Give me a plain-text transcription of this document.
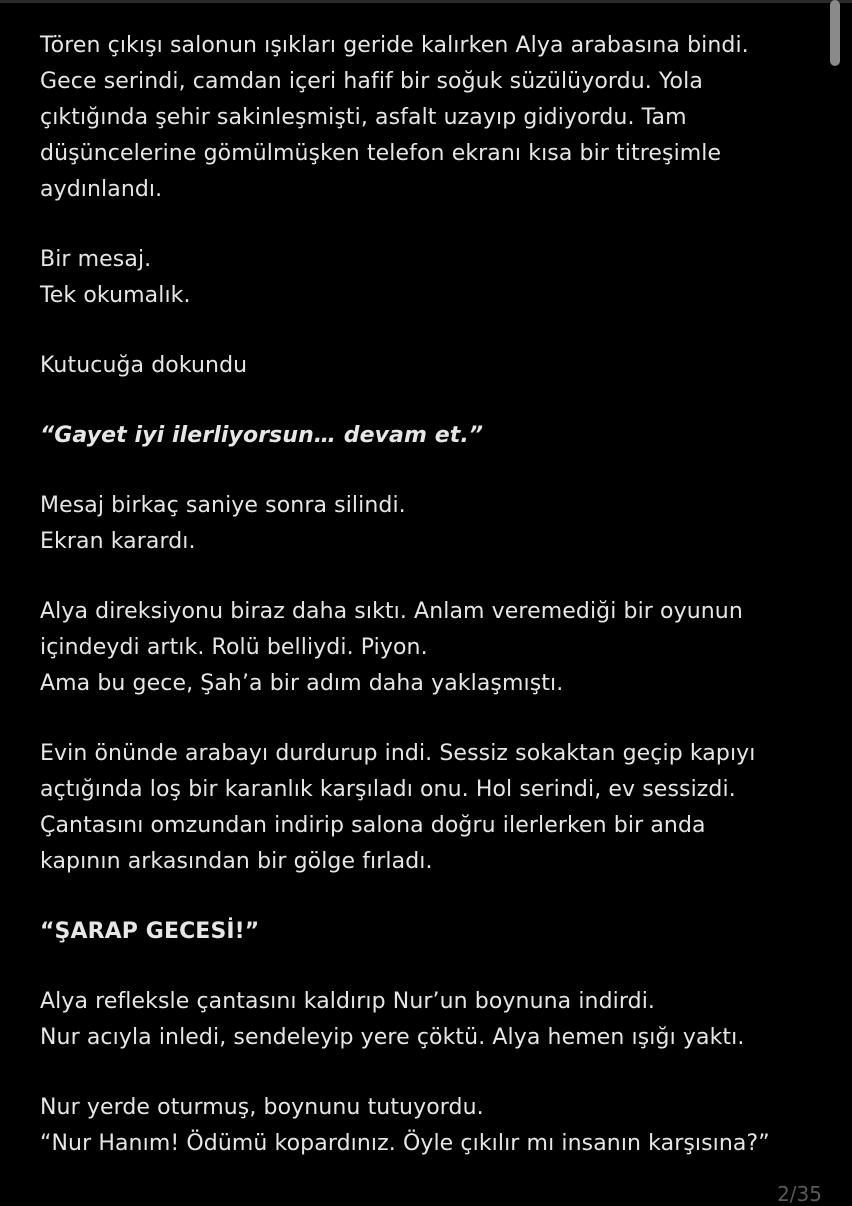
Tören çıkışı salonun ışıkları geride kalırken Alya arabasına bindi.
Gece serindi, camdan içeri hafif bir soğuk süzülüyordu. Yola
çıktığında şehir sakinleşmişti, asfalt uzayıp gidiyordu. Tam
düşüncelerine gömülmüşken telefon ekranı kısa bir titreşimle
aydınlandı.

Bir mesaj.
Tek okumalık.

Kutucuğa dokundu

“Gayet iyi ilerliyorsun… devam et.”

Mesaj birkaç saniye sonra silindi.
Ekran karardı.

Alya direksiyonu biraz daha sıktı. Anlam veremediği bir oyunun
içindeydi artık. Rolü belliydi. Piyon.
Ama bu gece, Şah’a bir adım daha yaklaşmıştı.

Evin önünde arabayı durdurup indi. Sessiz sokaktan geçip kapıyı
açtığında loş bir karanlık karşıladı onu. Hol serindi, ev sessizdi.
Çantasını omzundan indirip salona doğru ilerlerken bir anda
kapının arkasından bir gölge fırladı.

“ŞARAP GECESİ!”

Alya refleksle çantasını kaldırıp Nur’un boynuna indirdi.
Nur acıyla inledi, sendeleyip yere çöktü. Alya hemen ışığı yaktı.

Nur yerde oturmuş, boynunu tutuyordu.
“Nur Hanım! Ödümü kopardınız. Öyle çıkılır mı insanın karşısına?”

2/35
